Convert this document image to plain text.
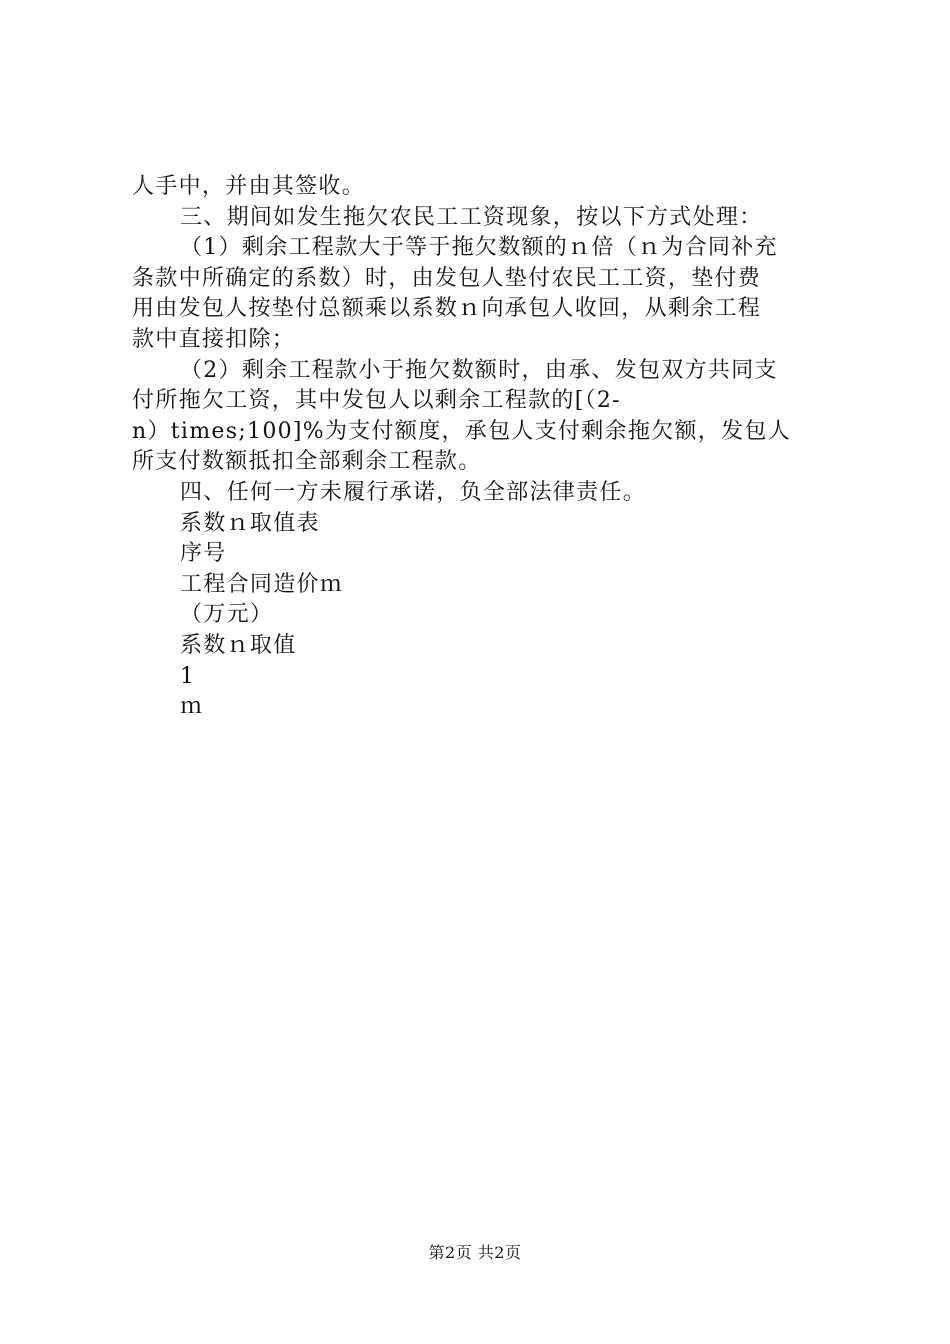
人手中，并由其签收。
三、期间如发生拖欠农民工工资现象，按以下方式处理：
（1）剩余工程款大于等于拖欠数额的ｎ倍（ｎ为合同补充
条款中所确定的系数）时，由发包人垫付农民工工资，垫付费
用由发包人按垫付总额乘以系数ｎ向承包人收回，从剩余工程
款中直接扣除；
（2）剩余工程款小于拖欠数额时，由承、发包双方共同支
付所拖欠工资，其中发包人以剩余工程款的[（2-
n）times;100]%为支付额度，承包人支付剩余拖欠额，发包人
所支付数额抵扣全部剩余工程款。
四、任何一方未履行承诺，负全部法律责任。
系数ｎ取值表
序号
工程合同造价ｍ
（万元）
系数ｎ取值
1
ｍ
第2页 共2页
